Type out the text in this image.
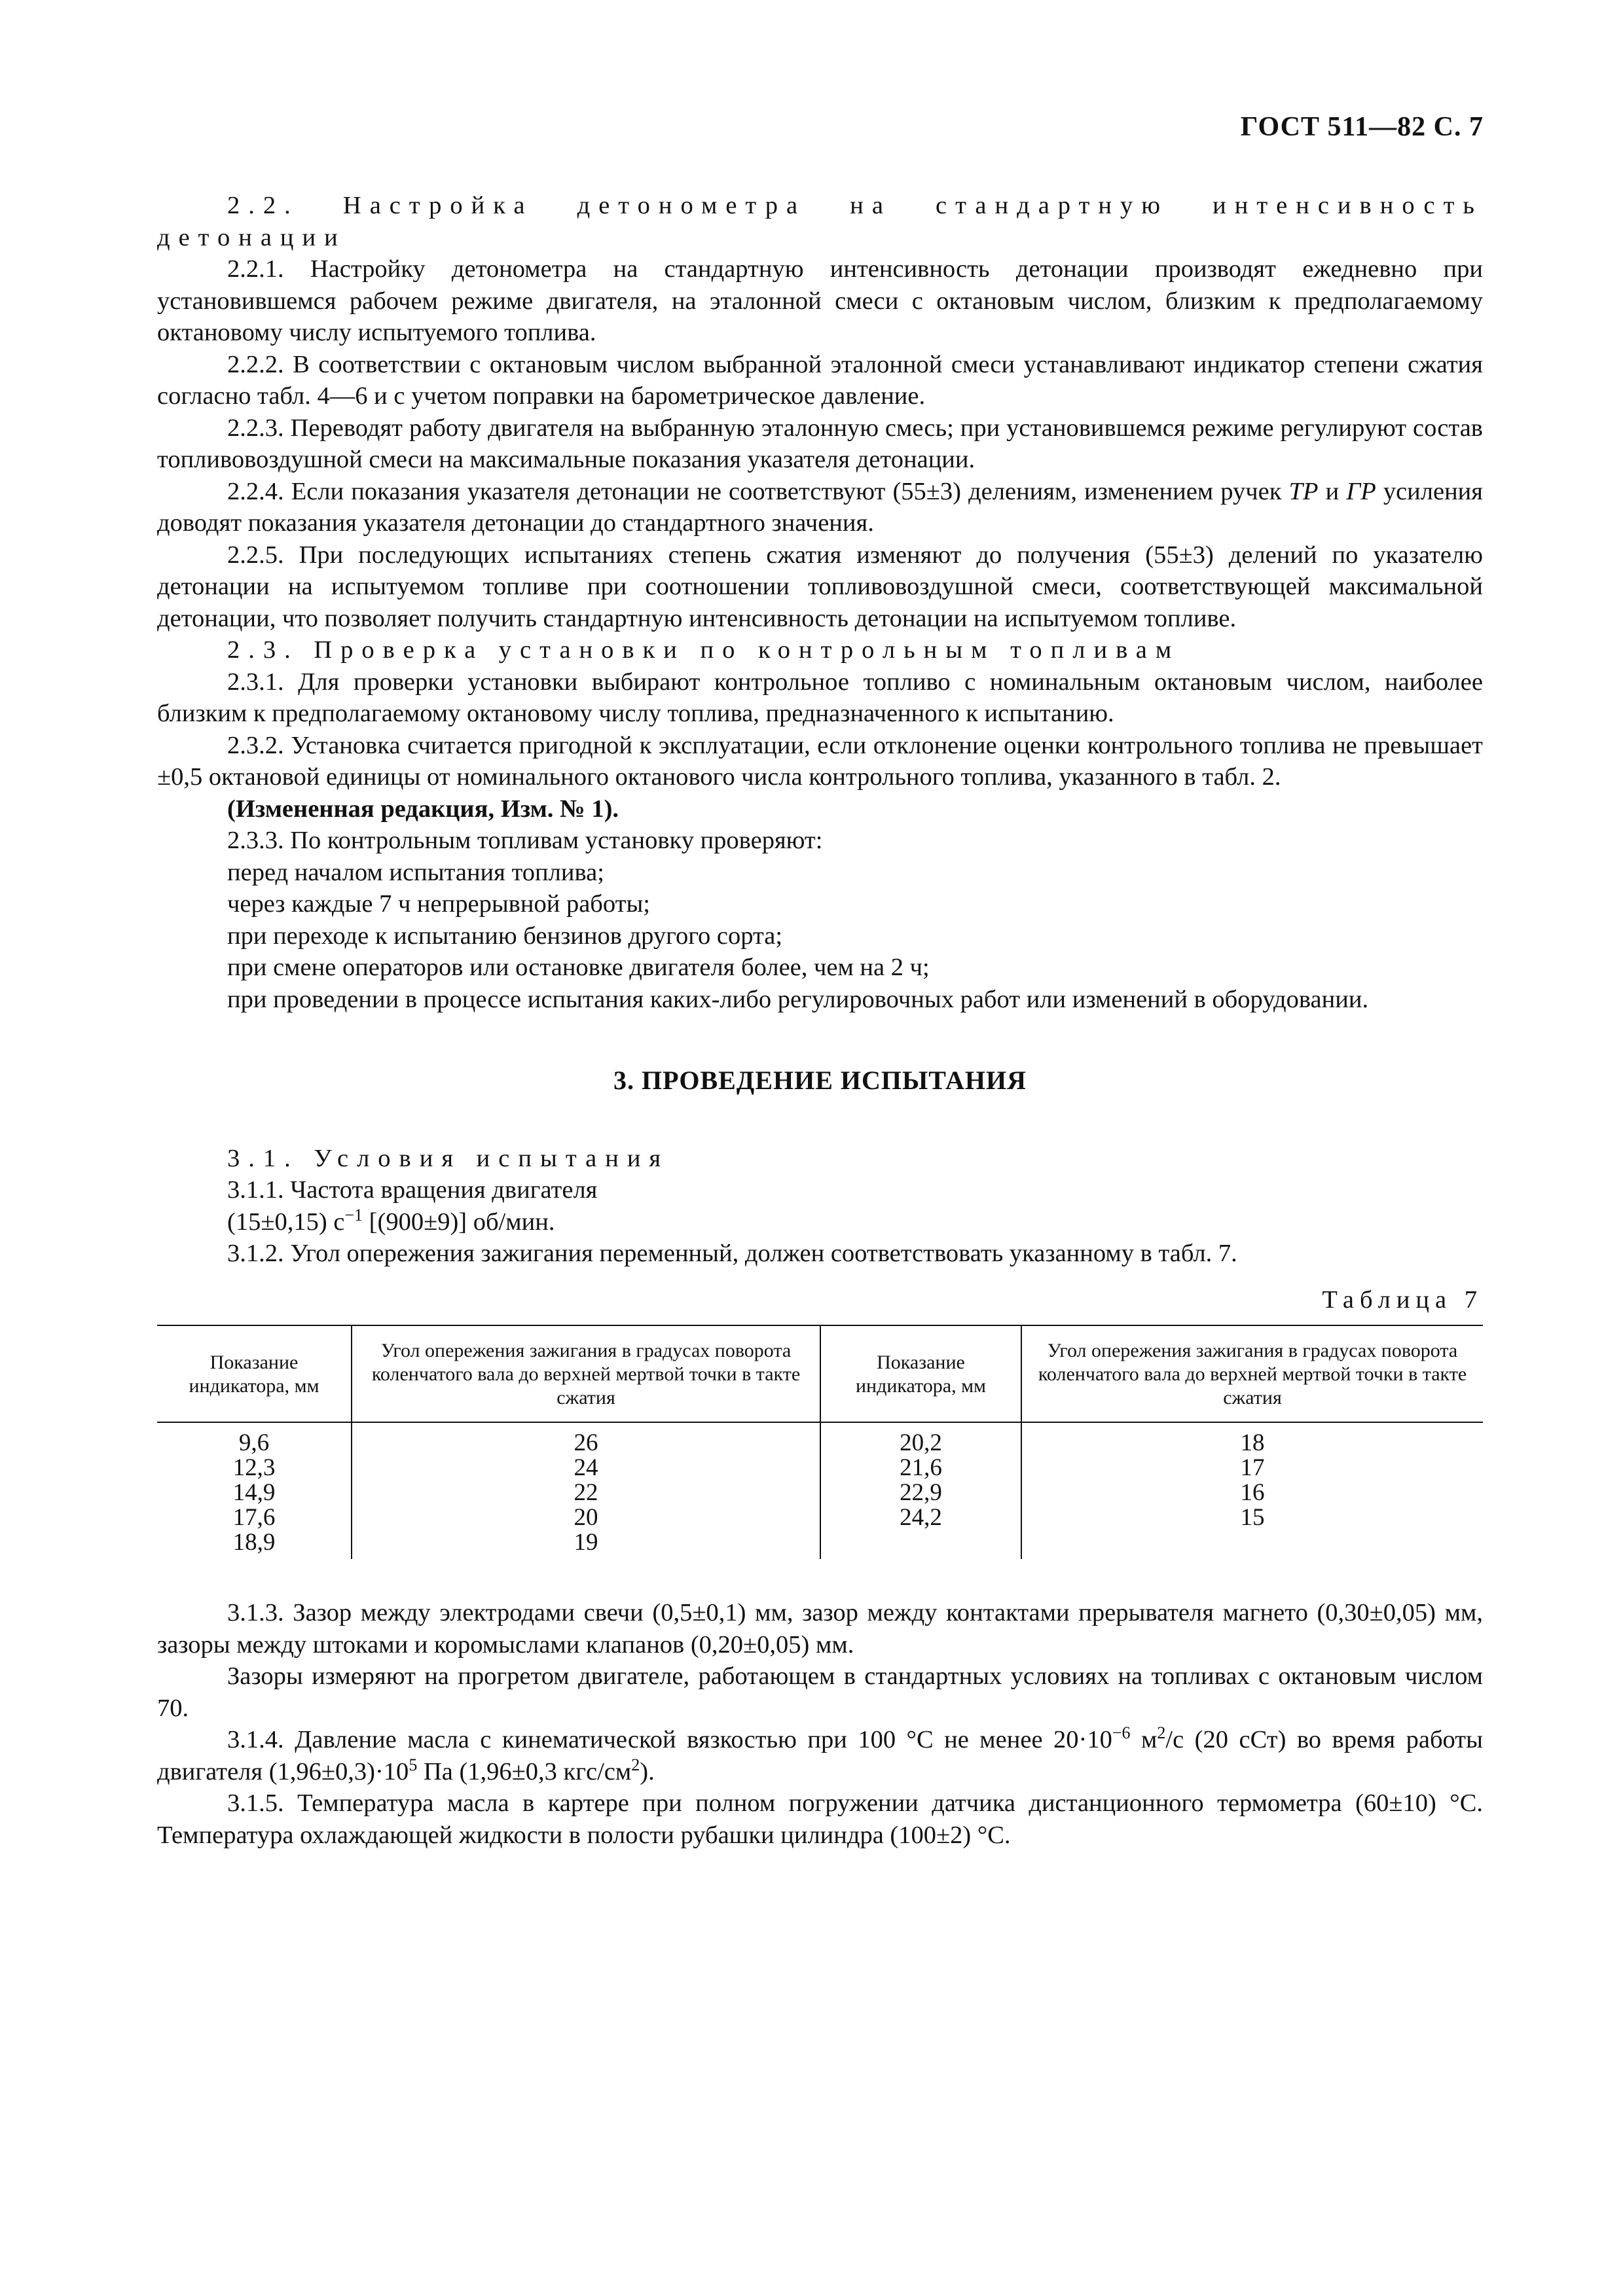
ГОСТ 511—82 С. 7

2.2. Настройка детонометра на стандартную интенсивность детонации

2.2.1. Настройку детонометра на стандартную интенсивность детонации производят ежедневно при установившемся рабочем режиме двигателя, на эталонной смеси с октановым числом, близким к предполагаемому октановому числу испытуемого топлива.

2.2.2. В соответствии с октановым числом выбранной эталонной смеси устанавливают индикатор степени сжатия согласно табл. 4—6 и с учетом поправки на барометрическое давление.

2.2.3. Переводят работу двигателя на выбранную эталонную смесь; при установившемся режиме регулируют состав топливовоздушной смеси на максимальные показания указателя детонации.

2.2.4. Если показания указателя детонации не соответствуют (55±3) делениям, изменением ручек ТР и ГР усиления доводят показания указателя детонации до стандартного значения.

2.2.5. При последующих испытаниях степень сжатия изменяют до получения (55±3) делений по указателю детонации на испытуемом топливе при соотношении топливовоздушной смеси, соответствующей максимальной детонации, что позволяет получить стандартную интенсивность детонации на испытуемом топливе.

2.3. Проверка установки по контрольным топливам

2.3.1. Для проверки установки выбирают контрольное топливо с номинальным октановым числом, наиболее близким к предполагаемому октановому числу топлива, предназначенного к испытанию.

2.3.2. Установка считается пригодной к эксплуатации, если отклонение оценки контрольного топлива не превышает ±0,5 октановой единицы от номинального октанового числа контрольного топлива, указанного в табл. 2.

(Измененная редакция, Изм. № 1).

2.3.3. По контрольным топливам установку проверяют:

перед началом испытания топлива;

через каждые 7 ч непрерывной работы;

при переходе к испытанию бензинов другого сорта;

при смене операторов или остановке двигателя более, чем на 2 ч;

при проведении в процессе испытания каких-либо регулировочных работ или изменений в оборудовании.

3. ПРОВЕДЕНИЕ ИСПЫТАНИЯ

3.1. Условия испытания

3.1.1. Частота вращения двигателя

(15±0,15) $с^{-1}$ [(900±9)] об/мин.

3.1.2. Угол опережения зажигания переменный, должен соответствовать указанному в табл. 7.

Таблица 7
Показание индикатора, мм	Угол опережения зажигания в градусах поворота коленчатого вала до верхней мертвой точки в такте сжатия	Показание индикатора, мм	Угол опережения зажигания в градусах поворота коленчатого вала до верхней мертвой точки в такте сжатия
9,6	26	20,2	18
12,3	24	21,6	17
14,9	22	22,9	16
17,6	20	24,2	15
18,9	19		

3.1.3. Зазор между электродами свечи (0,5±0,1) мм, зазор между контактами прерывателя магнето (0,30±0,05) мм, зазоры между штоками и коромыслами клапанов (0,20±0,05) мм.

Зазоры измеряют на прогретом двигателе, работающем в стандартных условиях на топливах с октановым числом 70.

3.1.4. Давление масла с кинематической вязкостью при 100 °С не менее $20\cdot 10^{-6}$ $м^2/с$ (20 сСт) во время работы двигателя $(1,96\pm 0,3)\cdot 10^5$ Па (1,96±0,3 кгс/$см^2$).

3.1.5. Температура масла в картере при полном погружении датчика дистанционного термометра (60±10) °С. Температура охлаждающей жидкости в полости рубашки цилиндра (100±2) °С.
